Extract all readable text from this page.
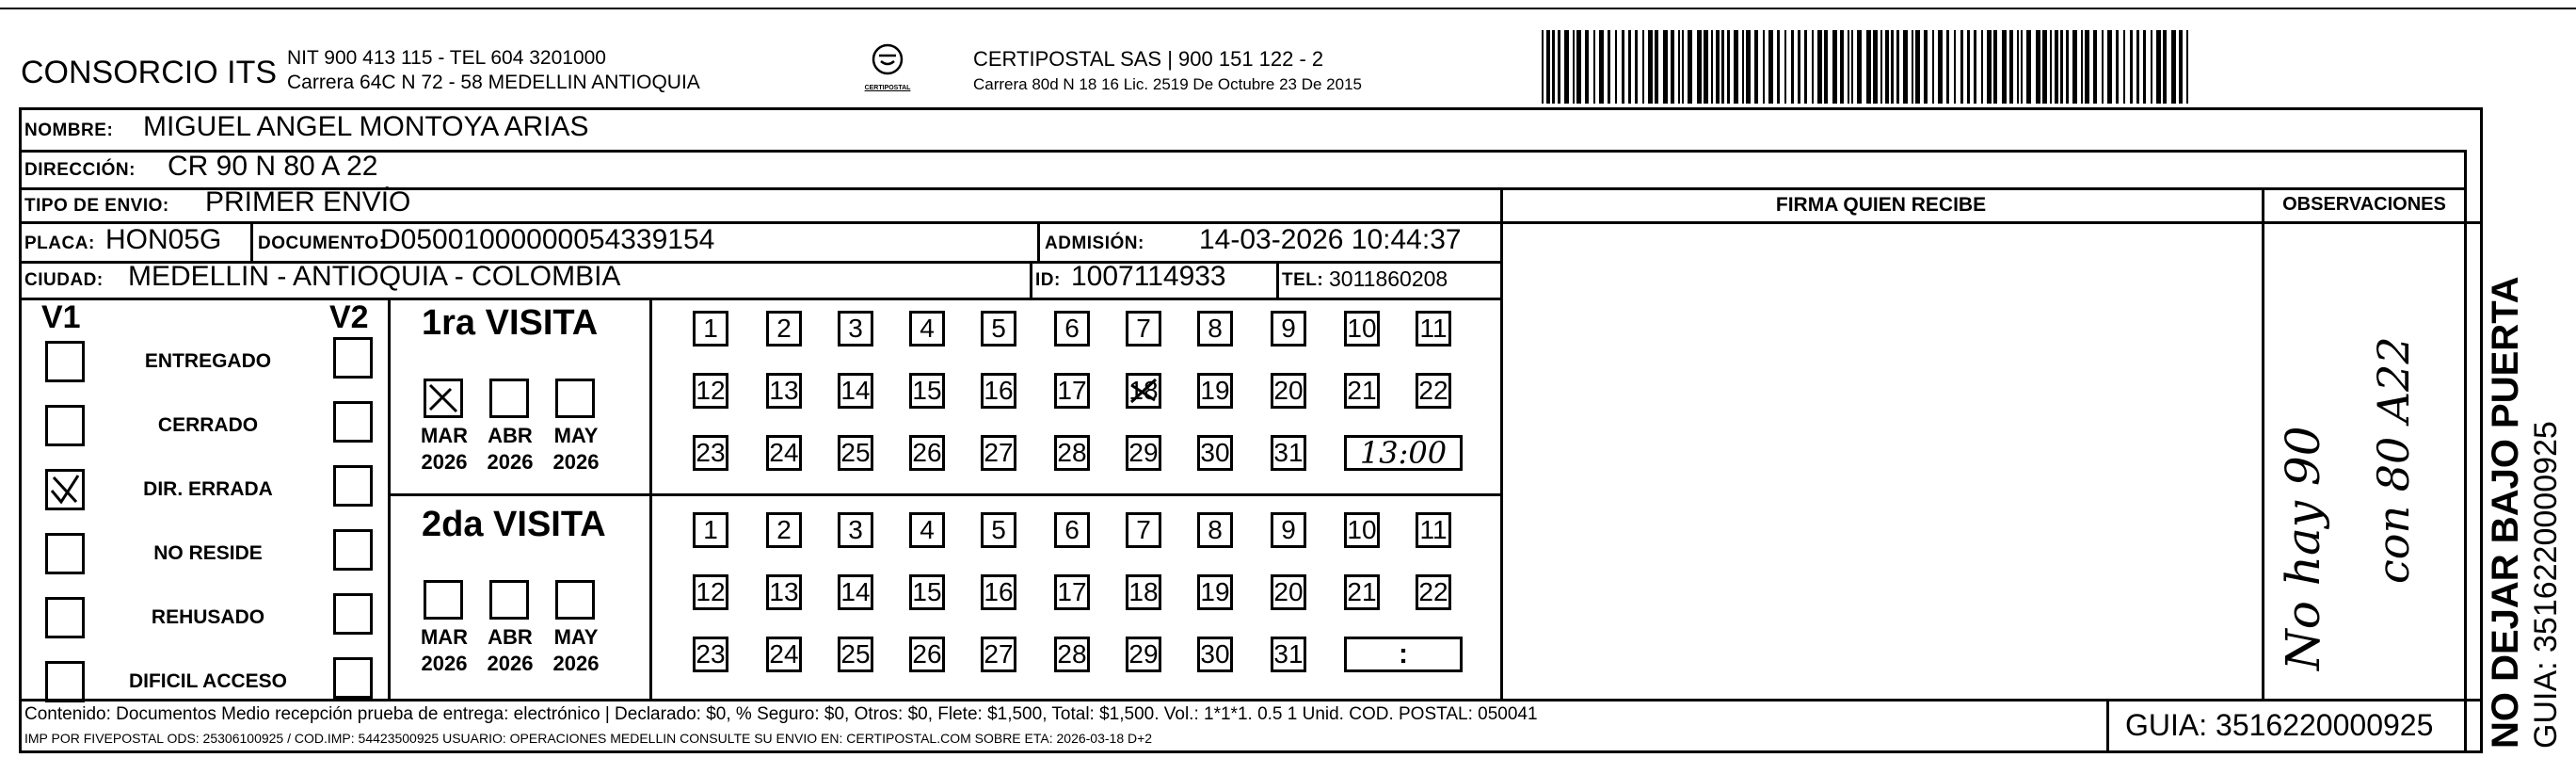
CONSORCIO ITS NIT 900 413 115 - TEL 604 3201000
Carrera 64C N 72 - 58 MEDELLIN ANTIOQUIA	CERTIPOSTAL
CERTIPOSTAL SAS | 900 151 122 - 2
Carrera 80d N 18 16 Lic. 2519 De Octubre 23 De 2015
FIRMA QUIEN RECIBE	OBSERVACIONES
NOMBRE: MIGUEL ANGEL MONTOYA ARIAS
DIRECCIÓN: CR 90 N 80 A 22
TIPO DE ENVIO: PRIMER ENVÍO
PLACA: HON05G DOCUMENTO:
D05001000000054339154	ADMISIÓN: 14-03-2026 10:44:37
CIUDAD: MEDELLIN - ANTIOQUIA - COLOMBIA	ID: 1007114933	TEL: 3011860208
V1	V2
ENTREGADO
CERRADO
DIR. ERRADA
NO RESIDE
REHUSADO
DIFICIL ACCESO
1ra VISITA
2da VISITA
MAR
2026
ABR
2026
MAY
2026
1	2	3	4	5	6	7	8	9	10 11
12 13 14 15 16 17 18 19 20 21 22
23 24 25 26 27 28 29 30 31	13:00
MAR
2026
ABR
2026
MAY
2026
1	2	3	4	5	6	7	8	9	10 11
12 13 14 15 16 17 18 19 20 21 22
23 24 25 26 27 28 29 30 31	:	No hay 90 con 80 A22 NO DEJAR BAJO PUERTA GUIA: 3516220000925
Contenido: Documentos Medio recepción prueba de entrega: electrónico | Declarado: $0, % Seguro: $0, Otros: $0, Flete: $1,500, Total: $1,500. Vol.: 1*1*1. 0.5 1 Unid. COD. POSTAL: 050041
IMP POR FIVEPOSTAL ODS: 25306100925 / COD.IMP: 54423500925 USUARIO: OPERACIONES MEDELLIN CONSULTE SU ENVIO EN: CERTIPOSTAL.COM SOBRE ETA: 2026-03-18 D+2	GUIA: 3516220000925
